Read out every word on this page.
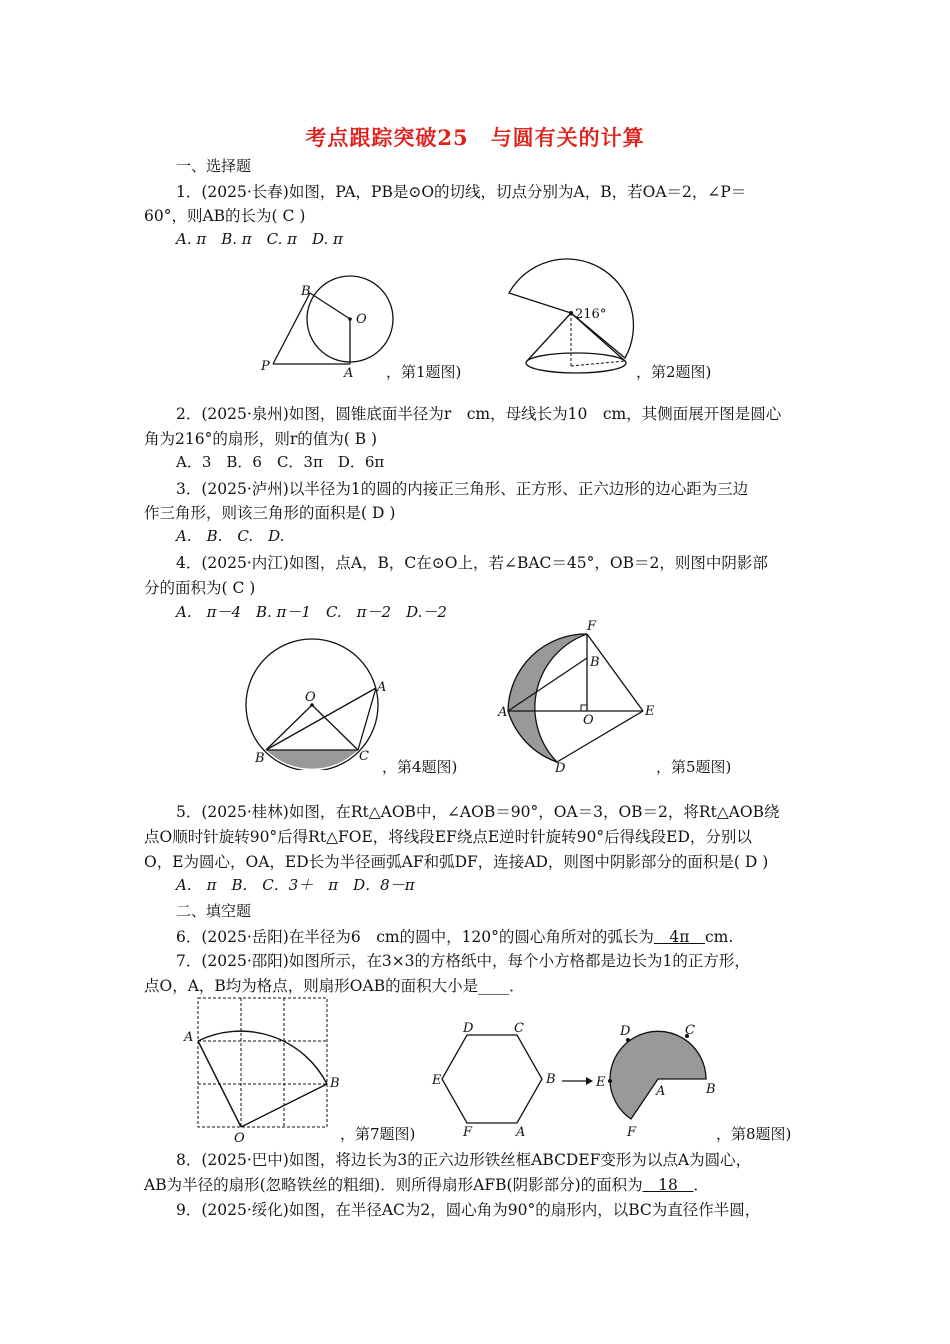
考点跟踪突破25　与圆有关的计算
一、选择题
1．(2025·长春)如图，PA，PB是⊙O的切线，切点分别为A，B，若OA＝2，∠P＝
60°，则AB的长为( C )
A. π　B. π　C. π　D. π
B
O
P	A ，第1题图)
216°
，第2题图)
2．(2025·泉州)如图，圆锥底面半径为r　cm，母线长为10　cm，其侧面展开图是圆心
角为216°的扇形，则r的值为( B )
A．3　B．6　C．3π　D．6π
3．(2025·泸州)以半径为1的圆的内接正三角形、正方形、正六边形的边心距为三边
作三角形，则该三角形的面积是( D )
A.　B.　C.　D.
4．(2025·内江)如图，点A，B，C在⊙O上，若∠BAC＝45°，OB＝2，则图中阴影部
分的面积为( C )
A.　π－4　B. π－1　C.　π－2　D.－2
O
A
B	C
，第4题图)
F
B
A
O
E
D	，第5题图)
5．(2025·桂林)如图，在Rt△AOB中，∠AOB＝90°，OA＝3，OB＝2，将Rt△AOB绕
点O顺时针旋转90°后得Rt△FOE，将线段EF绕点E逆时针旋转90°后得线段ED，分别以
O，E为圆心，OA，ED长为半径画弧AF和弧DF，连接AD，则图中阴影部分的面积是( D )
A.　π　B.　C．3＋　π　D．8－π
二、填空题
6．(2025·岳阳)在半径为6　cm的圆中，120°的圆心角所对的弧长为　4π　cm.
7．(2025·邵阳)如图所示，在3×3的方格纸中，每个小方格都是边长为1的正方形，
点O，A，B均为格点，则扇形OAB的面积大小是____．
A
B
O	，第7题图)
D	C
E	B
F	A
D	C
E
A	B
F	，第8题图)
8．(2025·巴中)如图，将边长为3的正六边形铁丝框ABCDEF变形为以点A为圆心，
AB为半径的扇形(忽略铁丝的粗细)．则所得扇形AFB(阴影部分)的面积为　18　．
9．(2025·绥化)如图，在半径AC为2，圆心角为90°的扇形内，以BC为直径作半圆，
